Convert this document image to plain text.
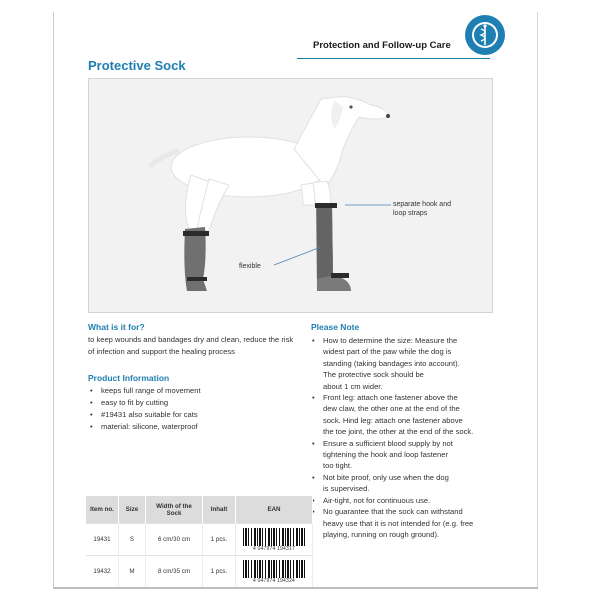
Protection and Follow-up Care
Protective Sock
separate hook and loop straps
flexible
What is it for?
to keep wounds and bandages dry and clean, reduce the risk of infection and support the healing process
Product Information
• keeps full range of movement
• easy to fit by cutting
• #19431 also suitable for cats
• material: silicone, waterproof
Please Note
• How to determine the size: Measure the
widest part of the paw while the dog is
standing (taking bandages into account).
The protective sock should be
about 1 cm wider.
• Front leg: attach one fastener above the
dew claw, the other one at the end of the
sock. Hind leg: attach one fastener above
the toe joint, the other at the end of the sock.
• Ensure a sufficient blood supply by not
tightening the hook and loop fastener
too tight.
• Not bite proof, only use when the dog
is supervised.
• Air-tight, not for continuous use.
• No guarantee that the sock can withstand
heavy use that it is not intended for (e.g. free
playing, running on rough ground).
Item no.	Size	Width of the Sock	Inhalt	EAN
19431	S	6 cm/30 cm	1 pcs.	4 047974 194317

19432	M	8 cm/35 cm	1 pcs.	4 047974 194324
